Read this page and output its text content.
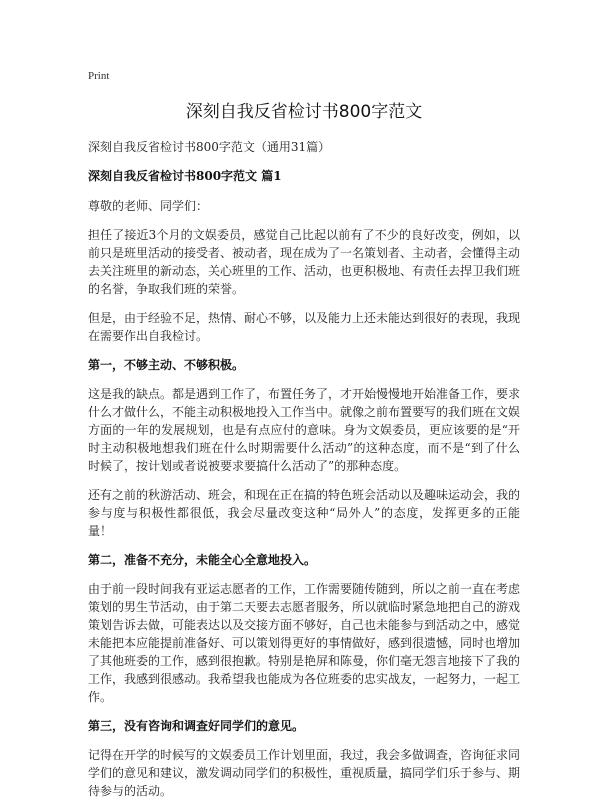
Print
深刻自我反省检讨书800字范文
深刻自我反省检讨书800字范文（通用31篇）
深刻自我反省检讨书800字范文 篇1
尊敬的老师、同学们：
担任了接近3个月的文娱委员，感觉自己比起以前有了不少的良好改变，例如，以前只是班里活动的接受者、被动者，现在成为了一名策划者、主动者，会懂得主动去关注班里的新动态，关心班里的工作、活动，也更积极地、有责任去捍卫我们班的名誉，争取我们班的荣誉。
但是，由于经验不足，热情、耐心不够，以及能力上还未能达到很好的表现，我现在需要作出自我检讨。
第一，不够主动、不够积极。
这是我的缺点。都是遇到工作了，布置任务了，才开始慢慢地开始准备工作，要求什么才做什么，不能主动积极地投入工作当中。就像之前布置要写的我们班在文娱方面的一年的发展规划，也是有点应付的意味。身为文娱委员，更应该要的是“开时主动积极地想我们班在什么时期需要什么活动”的这种态度，而不是“到了什么时候了，按计划或者说被要求要搞什么活动了”的那种态度。
还有之前的秋游活动、班会，和现在正在搞的特色班会活动以及趣味运动会，我的参与度与积极性都很低，我会尽量改变这种“局外人”的态度，发挥更多的正能量！
第二，准备不充分，未能全心全意地投入。
由于前一段时间我有亚运志愿者的工作，工作需要随传随到，所以之前一直在考虑策划的男生节活动，由于第二天要去志愿者服务，所以就临时紧急地把自己的游戏策划告诉去做，可能表达以及交接方面不够好，自己也未能参与到活动之中，感觉未能把本应能提前准备好、可以策划得更好的事情做好，感到很遗憾，同时也增加了其他班委的工作，感到很抱歉。特别是艳屏和陈曼，你们毫无怨言地接下了我的工作，我感到很感动。我希望我也能成为各位班委的忠实战友，一起努力，一起工作。
第三，没有咨询和调查好同学们的意见。
记得在开学的时候写的文娱委员工作计划里面，我过，我会多做调查，咨询征求同学们的意见和建议，激发调动同学们的积极性，重视质量，搞同学们乐于参与、期待参与的活动。
